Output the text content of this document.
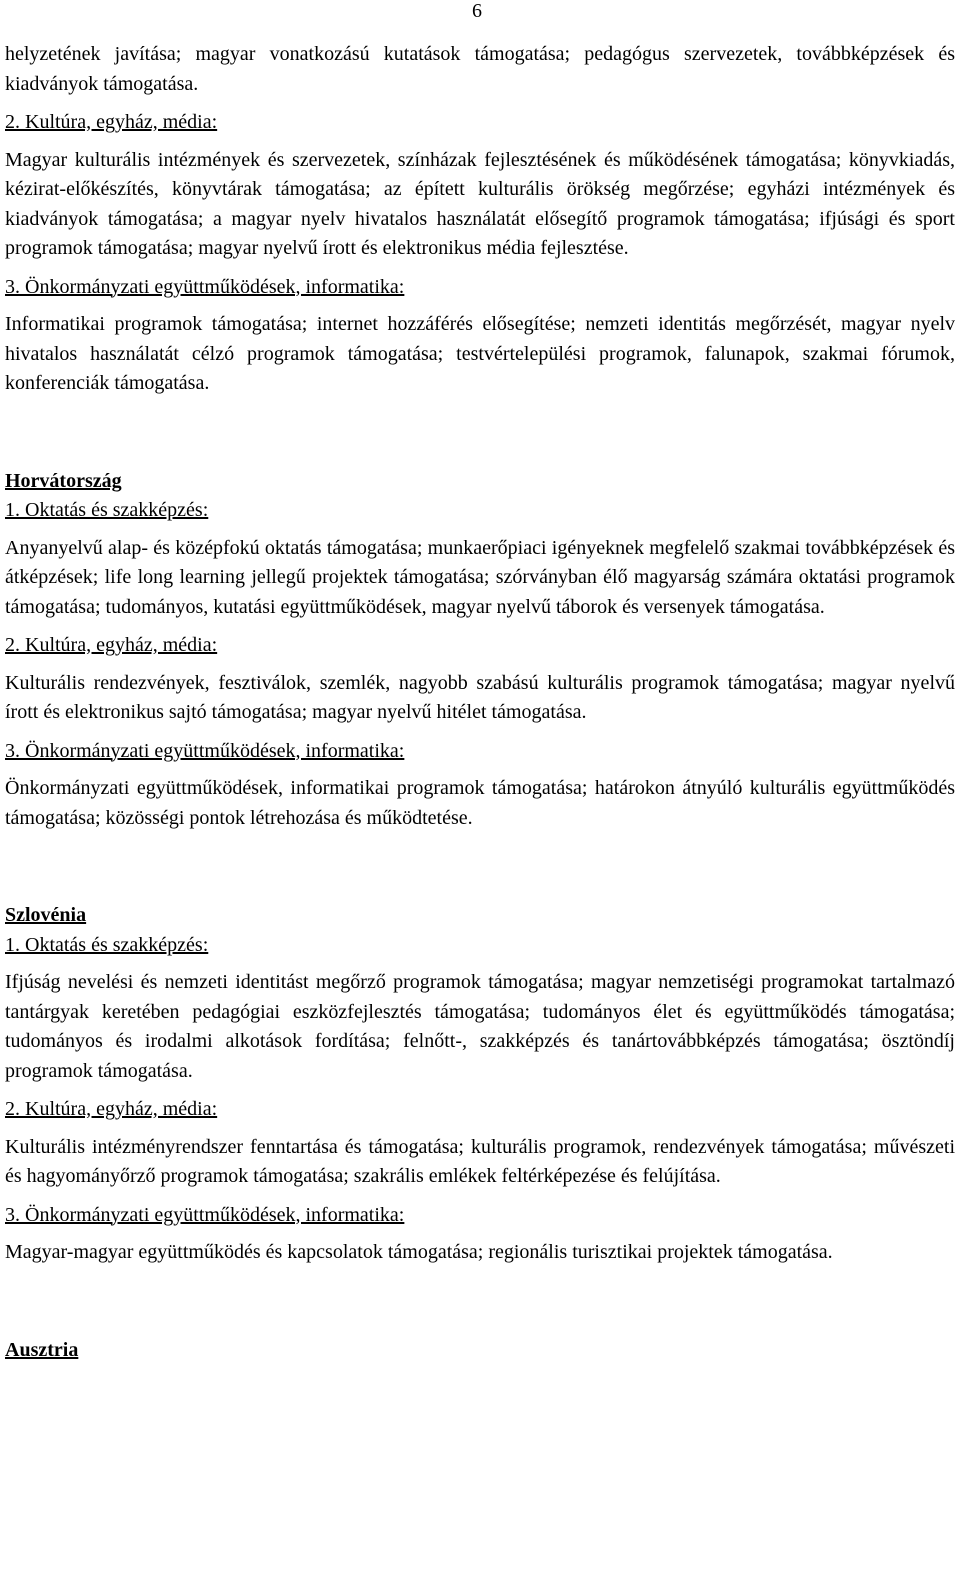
6

helyzetének javítása; magyar vonatkozású kutatások támogatása; pedagógus szervezetek, továbbképzések és kiadványok támogatása.

2. Kultúra, egyház, média:

Magyar kulturális intézmények és szervezetek, színházak fejlesztésének és működésének támogatása; könyvkiadás, kézirat-előkészítés, könyvtárak támogatása; az épített kulturális örökség megőrzése; egyházi intézmények és kiadványok támogatása; a magyar nyelv hivatalos használatát elősegítő programok támogatása; ifjúsági és sport programok támogatása; magyar nyelvű írott és elektronikus média fejlesztése.

3. Önkormányzati együttműködések, informatika:

Informatikai programok támogatása; internet hozzáférés elősegítése; nemzeti identitás megőrzését, magyar nyelv hivatalos használatát célzó programok támogatása; testvértelepülési programok, falunapok, szakmai fórumok, konferenciák támogatása.

Horvátország
1. Oktatás és szakképzés:

Anyanyelvű alap- és középfokú oktatás támogatása; munkaerőpiaci igényeknek megfelelő szakmai továbbképzések és átképzések; life long learning jellegű projektek támogatása; szórványban élő magyarság számára oktatási programok támogatása; tudományos, kutatási együttműködések, magyar nyelvű táborok és versenyek támogatása.

2. Kultúra, egyház, média:

Kulturális rendezvények, fesztiválok, szemlék, nagyobb szabású kulturális programok támogatása; magyar nyelvű írott és elektronikus sajtó támogatása; magyar nyelvű hitélet támogatása.

3. Önkormányzati együttműködések, informatika:

Önkormányzati együttműködések, informatikai programok támogatása; határokon átnyúló kulturális együttműködés támogatása; közösségi pontok létrehozása és működtetése.

Szlovénia
1. Oktatás és szakképzés:

Ifjúság nevelési és nemzeti identitást megőrző programok támogatása; magyar nemzetiségi programokat tartalmazó tantárgyak keretében pedagógiai eszközfejlesztés támogatása; tudományos élet és együttműködés támogatása; tudományos és irodalmi alkotások fordítása; felnőtt-, szakképzés és tanártovábbképzés támogatása; ösztöndíj programok támogatása.

2. Kultúra, egyház, média:

Kulturális intézményrendszer fenntartása és támogatása; kulturális programok, rendezvények támogatása; művészeti és hagyományőrző programok támogatása; szakrális emlékek feltérképezése és felújítása.

3. Önkormányzati együttműködések, informatika:

Magyar-magyar együttműködés és kapcsolatok támogatása; regionális turisztikai projektek támogatása.

Ausztria
